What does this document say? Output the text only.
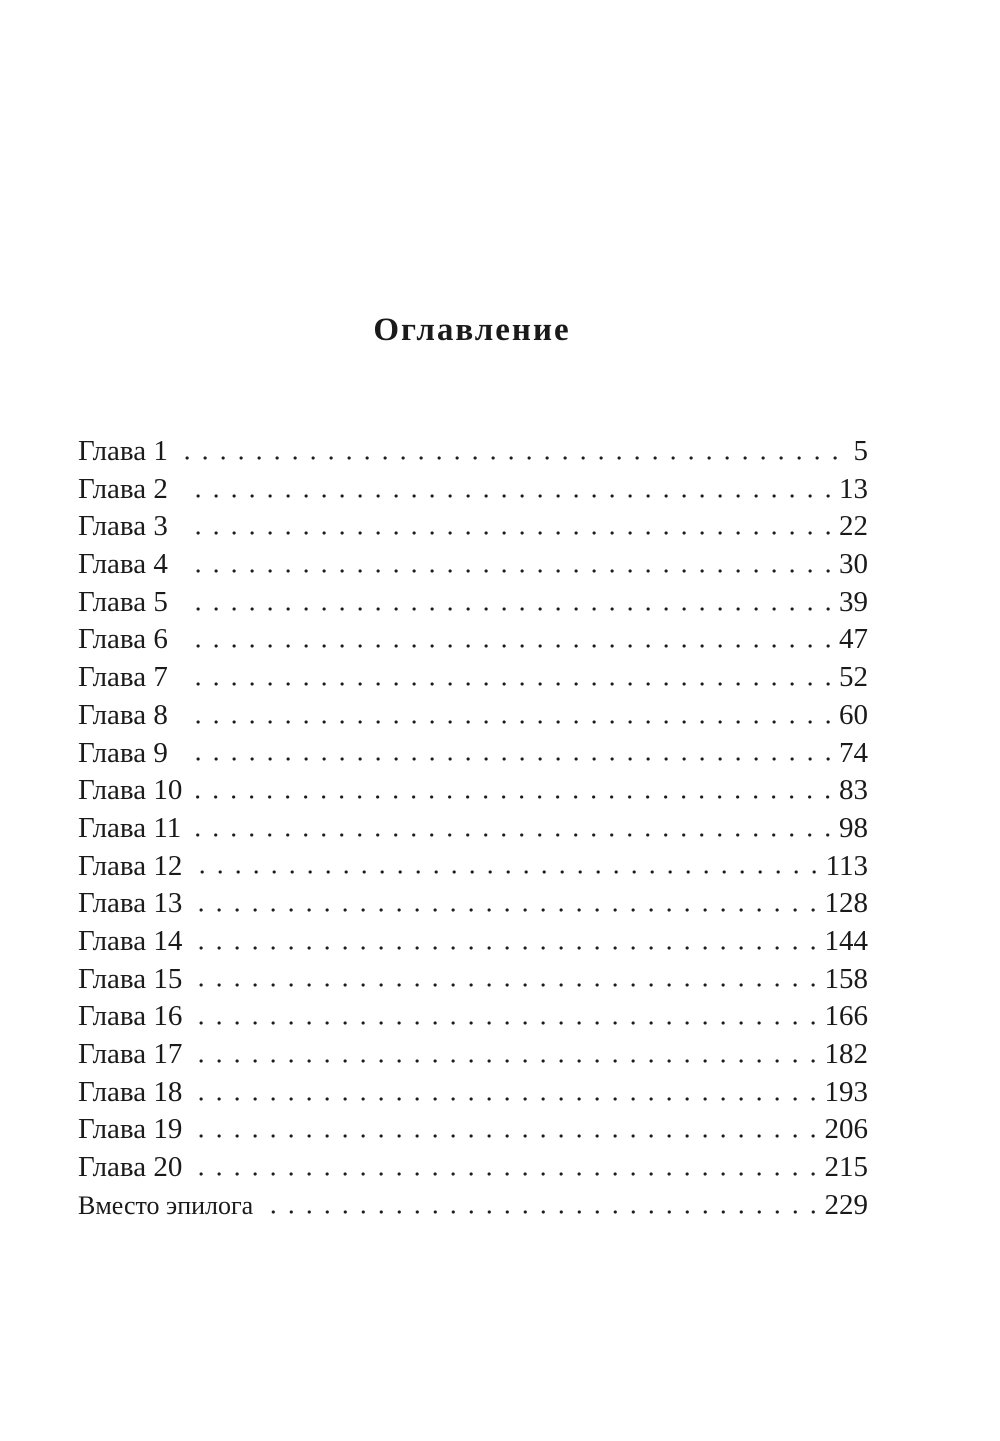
Оглавление
Глава 1	5
Глава 2	13
Глава 3	22
Глава 4	30
Глава 5	39
Глава 6	47
Глава 7	52
Глава 8	60
Глава 9	74
Глава 10	83
Глава 11	98
Глава 12	113
Глава 13	128
Глава 14	144
Глава 15	158
Глава 16	166
Глава 17	182
Глава 18	193
Глава 19	206
Глава 20	215
Вместо эпилога	229
